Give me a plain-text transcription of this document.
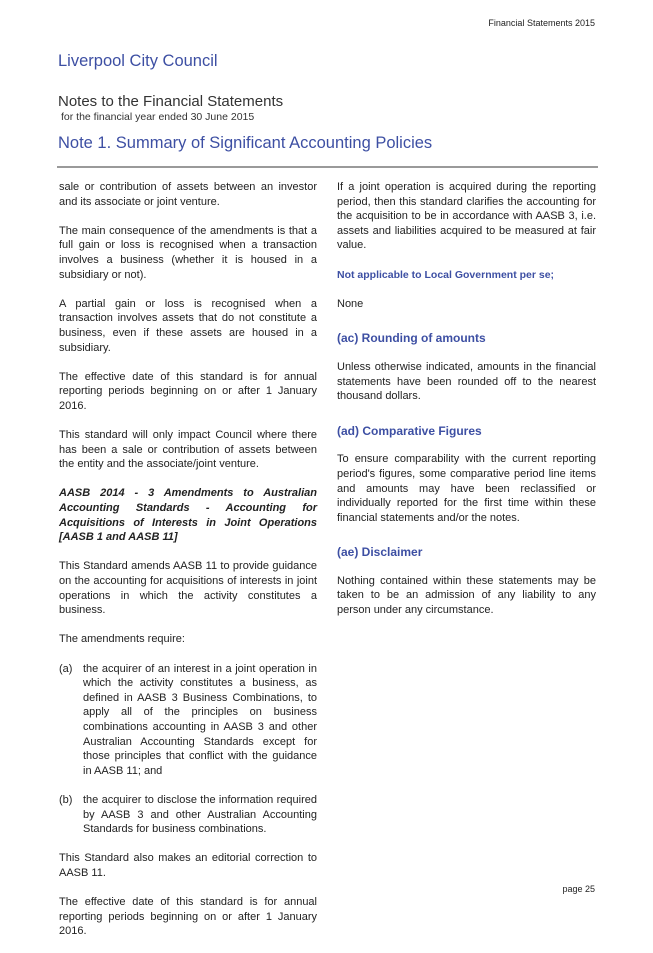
Financial Statements 2015
Liverpool City Council
Notes to the Financial Statements
for the financial year ended 30 June 2015
Note 1. Summary of Significant Accounting Policies

sale or contribution of assets between an investor and its associate or joint venture.

The main consequence of the amendments is that a full gain or loss is recognised when a transaction involves a business (whether it is housed in a subsidiary or not).

A partial gain or loss is recognised when a transaction involves assets that do not constitute a business, even if these assets are housed in a subsidiary.

The effective date of this standard is for annual reporting periods beginning on or after 1 January 2016.

This standard will only impact Council where there has been a sale or contribution of assets between the entity and the associate/joint venture.

AASB 2014 - 3 Amendments to Australian Accounting Standards - Accounting for Acquisitions of Interests in Joint Operations [AASB 1 and AASB 11]

This Standard amends AASB 11 to provide guidance on the accounting for acquisitions of interests in joint operations in which the activity constitutes a business.

The amendments require:

(a) the acquirer of an interest in a joint operation in which the activity constitutes a business, as defined in AASB 3 Business Combinations, to apply all of the principles on business combinations accounting in AASB 3 and other Australian Accounting Standards except for those principles that conflict with the guidance in AASB 11; and
(b) the acquirer to disclose the information required by AASB 3 and other Australian Accounting Standards for business combinations.

This Standard also makes an editorial correction to AASB 11.

The effective date of this standard is for annual reporting periods beginning on or after 1 January 2016.

If a joint operation is acquired during the reporting period, then this standard clarifies the accounting for the acquisition to be in accordance with AASB 3, i.e. assets and liabilities acquired to be measured at fair value.

Not applicable to Local Government per se;

None

(ac) Rounding of amounts

Unless otherwise indicated, amounts in the financial statements have been rounded off to the nearest thousand dollars.

(ad) Comparative Figures

To ensure comparability with the current reporting period's figures, some comparative period line items and amounts may have been reclassified or individually reported for the first time within these financial statements and/or the notes.

(ae) Disclaimer

Nothing contained within these statements may be taken to be an admission of any liability to any person under any circumstance.

page 25
